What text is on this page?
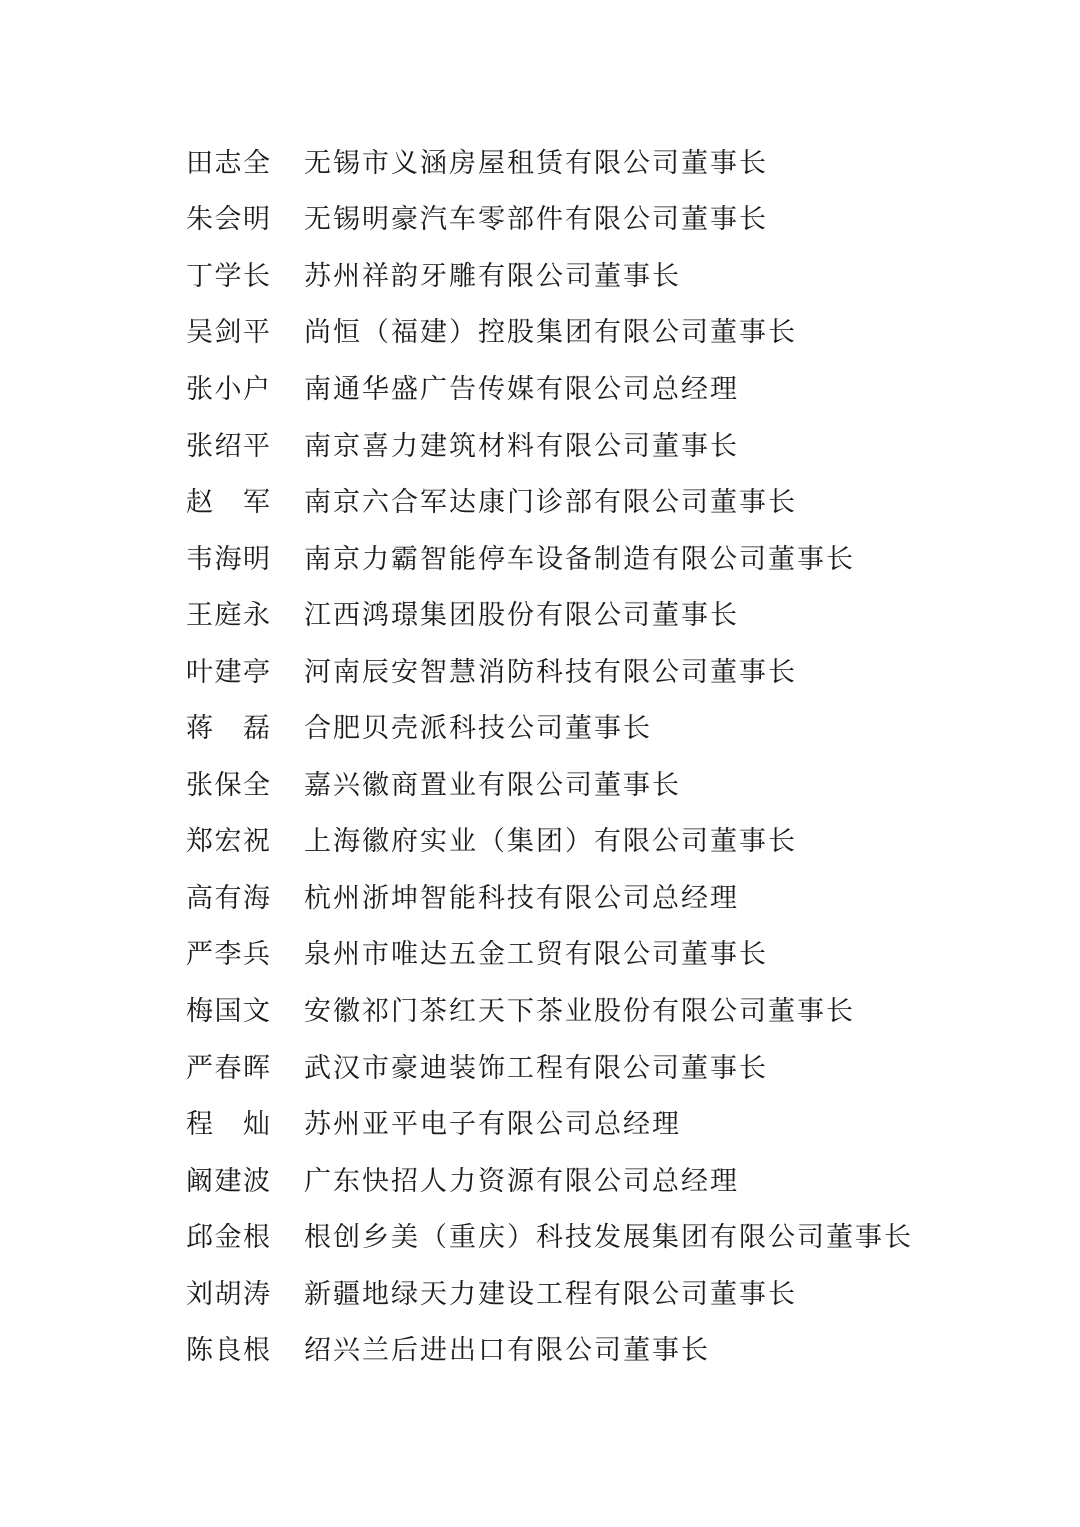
田 志 全 无锡市义涵房屋租赁有限公司董事长
朱 会 明 无锡明豪汽车零部件有限公司董事长
丁 学 长 苏州祥韵牙雕有限公司董事长
吴 剑 平 尚恒（福建）控股集团有限公司董事长
张 小 户 南通华盛广告传媒有限公司总经理
张 绍 平 南京喜力建筑材料有限公司董事长
赵
　 军 南京六合军达康门诊部有限公司董事长
韦 海 明 南京力霸智能停车设备制造有限公司董事长
王 庭 永 江西鸿璟集团股份有限公司董事长
叶 建 亭 河南辰安智慧消防科技有限公司董事长
蒋
　 磊 合肥贝壳派科技公司董事长
张 保 全 嘉兴徽商置业有限公司董事长
郑 宏 祝 上海徽府实业（集团）有限公司董事长
高 有 海 杭州浙坤智能科技有限公司总经理
严 李 兵 泉州市唯达五金工贸有限公司董事长
梅 国 文 安徽祁门茶红天下茶业股份有限公司董事长
严 春 晖 武汉市豪迪装饰工程有限公司董事长
程
　 灿 苏州亚平电子有限公司总经理
阚 建 波 广东快招人力资源有限公司总经理
邱 金 根 根创乡美（重庆）科技发展集团有限公司董事长
刘 胡 涛 新疆地绿天力建设工程有限公司董事长
陈 良 根 绍兴兰后进出口有限公司董事长
